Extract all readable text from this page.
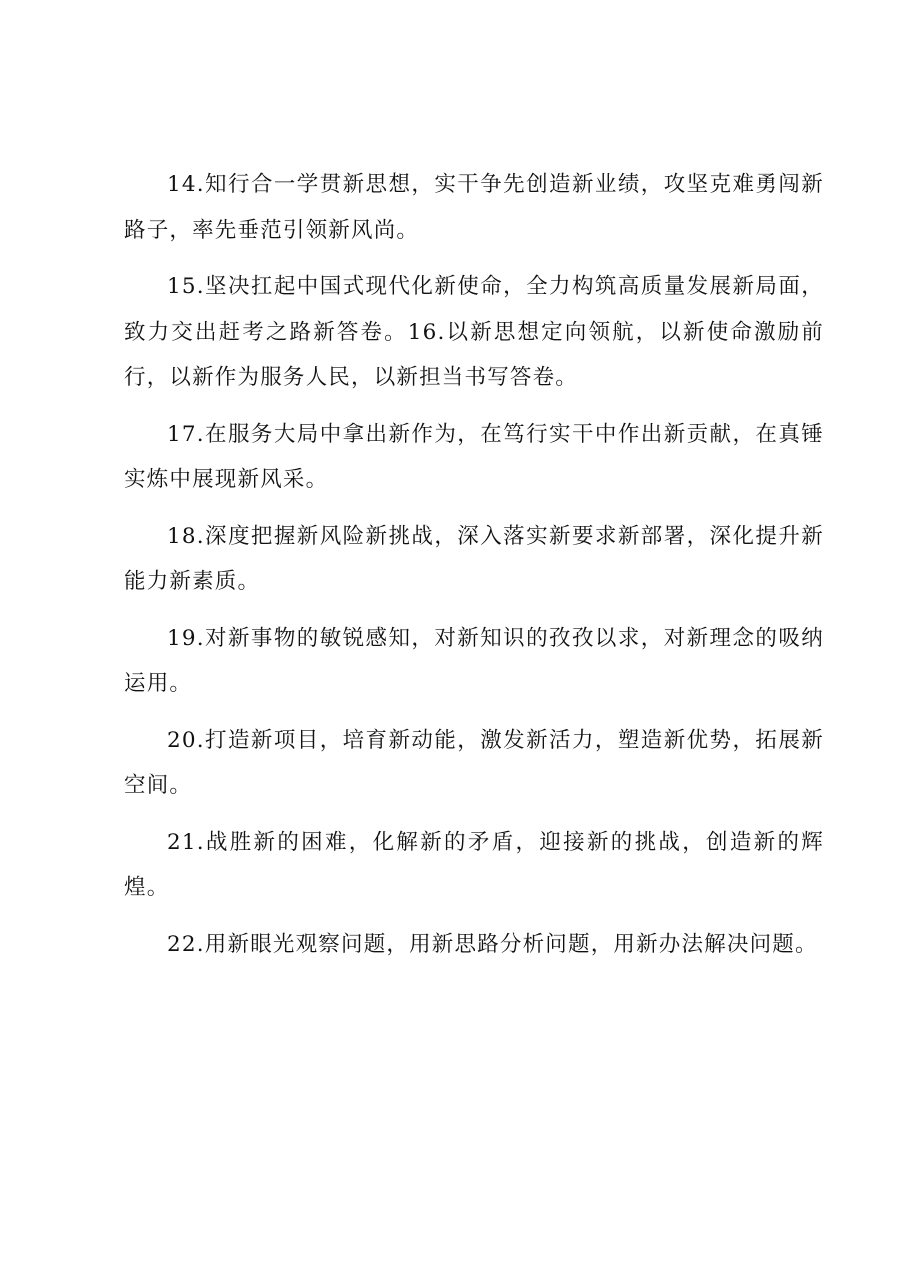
14.知行合一学贯新思想，实干争先创造新业绩，攻坚克难勇闯新路子，率先垂范引领新风尚。

15.坚决扛起中国式现代化新使命，全力构筑高质量发展新局面，致力交出赶考之路新答卷。16.以新思想定向领航，以新使命激励前行，以新作为服务人民，以新担当书写答卷。

17.在服务大局中拿出新作为，在笃行实干中作出新贡献，在真锤实炼中展现新风采。

18.深度把握新风险新挑战，深入落实新要求新部署，深化提升新能力新素质。

19.对新事物的敏锐感知，对新知识的孜孜以求，对新理念的吸纳运用。

20.打造新项目，培育新动能，激发新活力，塑造新优势，拓展新空间。

21.战胜新的困难，化解新的矛盾，迎接新的挑战，创造新的辉煌。

22.用新眼光观察问题，用新思路分析问题，用新办法解决问题。
